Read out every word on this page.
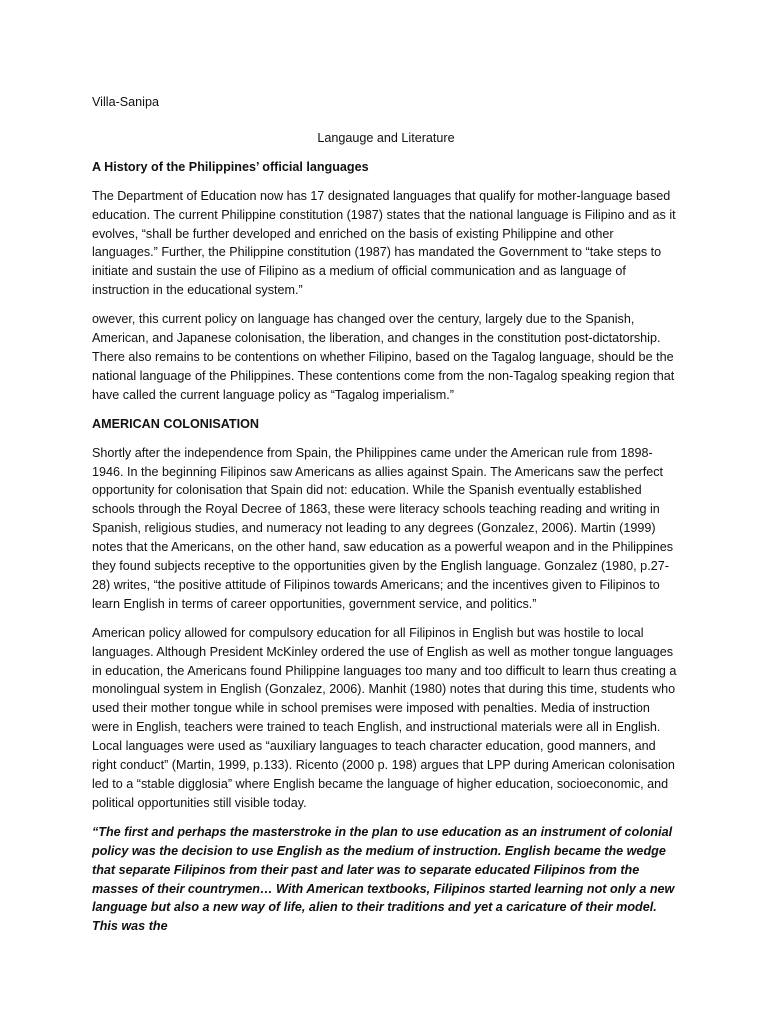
Villa-Sanipa
Langauge and Literature
A History of the Philippines’ official languages

The Department of Education now has 17 designated languages that qualify for mother-language based education. The current Philippine constitution (1987) states that the national language is Filipino and as it evolves, “shall be further developed and enriched on the basis of existing Philippine and other languages.” Further, the Philippine constitution (1987) has mandated the Government to “take steps to initiate and sustain the use of Filipino as a medium of official communication and as language of instruction in the educational system.”

owever, this current policy on language has changed over the century, largely due to the Spanish, American, and Japanese colonisation, the liberation, and changes in the constitution post-dictatorship. There also remains to be contentions on whether Filipino, based on the Tagalog language, should be the national language of the Philippines. These contentions come from the non-Tagalog speaking region that have called the current language policy as “Tagalog imperialism.”

AMERICAN COLONISATION

Shortly after the independence from Spain, the Philippines came under the American rule from 1898-1946. In the beginning Filipinos saw Americans as allies against Spain. The Americans saw the perfect opportunity for colonisation that Spain did not: education. While the Spanish eventually established schools through the Royal Decree of 1863, these were literacy schools teaching reading and writing in Spanish, religious studies, and numeracy not leading to any degrees (Gonzalez, 2006). Martin (1999) notes that the Americans, on the other hand, saw education as a powerful weapon and in the Philippines they found subjects receptive to the opportunities given by the English language. Gonzalez (1980, p.27-28) writes, “the positive attitude of Filipinos towards Americans; and the incentives given to Filipinos to learn English in terms of career opportunities, government service, and politics.”

American policy allowed for compulsory education for all Filipinos in English but was hostile to local languages. Although President McKinley ordered the use of English as well as mother tongue languages in education, the Americans found Philippine languages too many and too difficult to learn thus creating a monolingual system in English (Gonzalez, 2006). Manhit (1980) notes that during this time, students who used their mother tongue while in school premises were imposed with penalties. Media of instruction were in English, teachers were trained to teach English, and instructional materials were all in English. Local languages were used as “auxiliary languages to teach character education, good manners, and right conduct” (Martin, 1999, p.133). Ricento (2000 p. 198) argues that LPP during American colonisation led to a “stable digglosia” where English became the language of higher education, socioeconomic, and political opportunities still visible today.

“The first and perhaps the masterstroke in the plan to use education as an instrument of colonial policy was the decision to use English as the medium of instruction. English became the wedge that separate Filipinos from their past and later was to separate educated Filipinos from the masses of their countrymen… With American textbooks, Filipinos started learning not only a new language but also a new way of life, alien to their traditions and yet a caricature of their model. This was the
